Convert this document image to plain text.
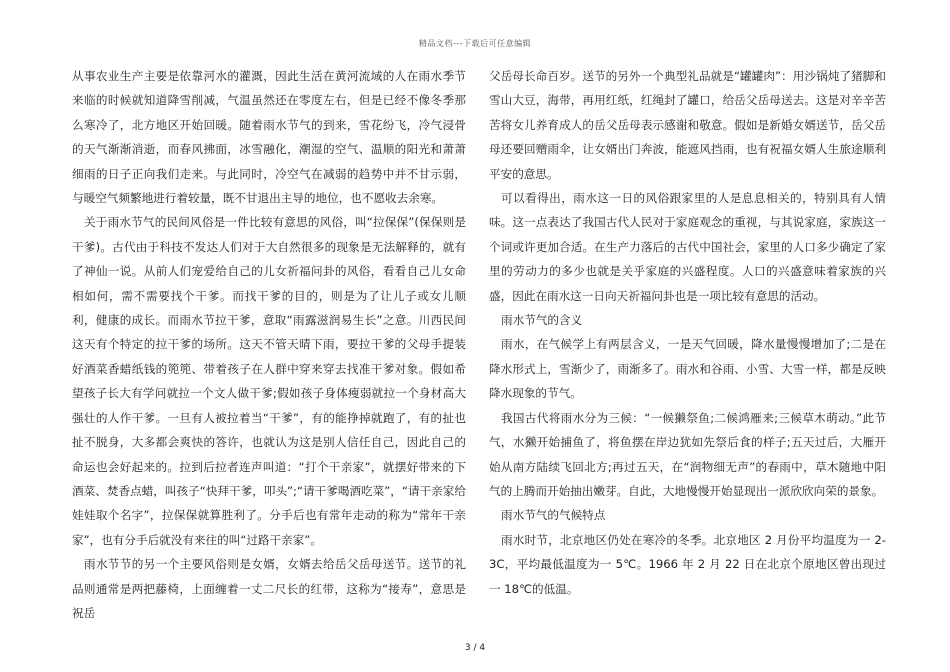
精品文档---下载后可任意编辑

从事农业生产主要是依靠河水的灌溉，因此生活在黄河流域的人在雨水季节来临的时候就知道降雪削减，气温虽然还在零度左右，但是已经不像冬季那么寒冷了，北方地区开始回暖。随着雨水节气的到来，雪花纷飞，冷气浸骨的天气渐渐消逝，而春风拂面，冰雪融化，潮湿的空气、温顺的阳光和萧萧细雨的日子正向我们走来。与此同时，冷空气在减弱的趋势中并不甘示弱，与暖空气频繁地进行着较量，既不甘退出主导的地位，也不愿收去余寒。

关于雨水节气的民间风俗是一件比较有意思的风俗，叫“拉保保”(保保则是干爹)。古代由于科技不发达人们对于大自然很多的现象是无法解释的，就有了神仙一说。从前人们宠爱给自己的儿女祈福问卦的风俗，看看自己儿女命相如何，需不需要找个干爹。而找干爹的目的，则是为了让儿子或女儿顺利，健康的成长。而雨水节拉干爹，意取“雨露滋润易生长”之意。川西民间这天有个特定的拉干爹的场所。这天不管天晴下雨，要拉干爹的父母手提装好酒菜香蜡纸钱的篼篼、带着孩子在人群中穿来穿去找准干爹对象。假如希望孩子长大有学问就拉一个文人做干爹;假如孩子身体瘦弱就拉一个身材高大强壮的人作干爹。一旦有人被拉着当“干爹”，有的能挣掉就跑了，有的扯也扯不脱身，大多都会爽快的答许，也就认为这是别人信任自己，因此自己的命运也会好起来的。拉到后拉者连声叫道：“打个干亲家”，就摆好带来的下酒菜、焚香点蜡，叫孩子“快拜干爹，叩头”;“请干爹喝酒吃菜”，“请干亲家给娃娃取个名字”，拉保保就算胜利了。分手后也有常年走动的称为“常年干亲家”，也有分手后就没有来往的叫“过路干亲家”。

雨水节节的另一个主要风俗则是女婿，女婿去给岳父岳母送节。送节的礼品则通常是两把藤椅，上面缠着一丈二尺长的红带，这称为“接寿”，意思是祝岳

父岳母长命百岁。送节的另外一个典型礼品就是“罐罐肉”：用沙锅炖了猪脚和雪山大豆，海带，再用红纸，红绳封了罐口，给岳父岳母送去。这是对辛辛苦苦将女儿养育成人的岳父岳母表示感谢和敬意。假如是新婚女婿送节，岳父岳母还要回赠雨伞，让女婿出门奔波，能遮风挡雨，也有祝福女婿人生旅途顺利平安的意思。

可以看得出，雨水这一日的风俗跟家里的人是息息相关的，特别具有人情味。这一点表达了我国古代人民对于家庭观念的重视，与其说家庭，家族这一个词或许更加合适。在生产力落后的古代中国社会，家里的人口多少确定了家里的劳动力的多少也就是关乎家庭的兴盛程度。人口的兴盛意味着家族的兴盛，因此在雨水这一日向天祈福问卦也是一项比较有意思的活动。

雨水节气的含义

雨水，在气候学上有两层含义，一是天气回暖，降水量慢慢增加了;二是在降水形式上，雪渐少了，雨渐多了。雨水和谷雨、小雪、大雪一样，都是反映降水现象的节气。

我国古代将雨水分为三候：“一候獭祭鱼;二候鸿雁来;三候草木萌动。”此节气，水獭开始捕鱼了，将鱼摆在岸边犹如先祭后食的样子;五天过后，大雁开始从南方陆续飞回北方;再过五天，在“润物细无声”的春雨中，草木随地中阳气的上腾而开始抽出嫩芽。自此，大地慢慢开始显现出一派欣欣向荣的景象。

雨水节气的气候特点

雨水时节，北京地区仍处在寒冷的冬季。北京地区 2 月份平均温度为一 2-3C，平均最低温度为一 5℃。1966 年 2 月 22 日在北京个原地区曾出现过一 18℃的低温。

3 / 4
